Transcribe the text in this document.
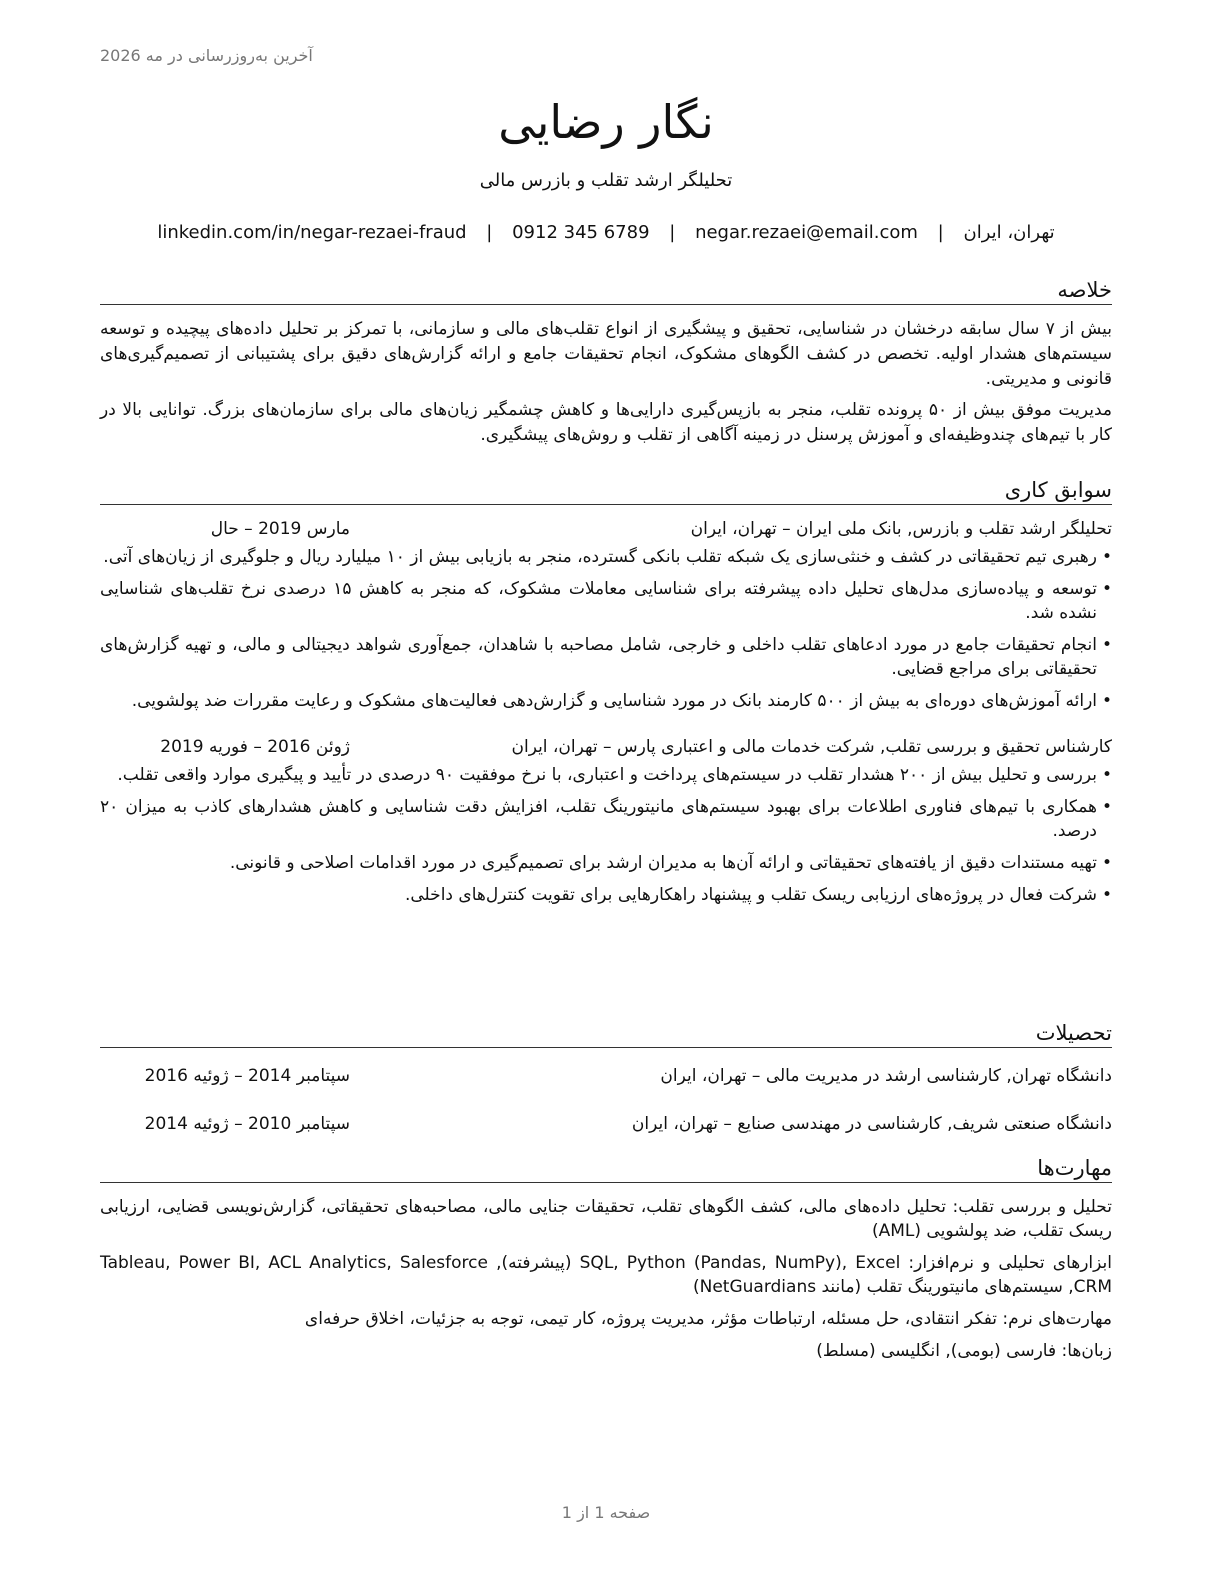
آخرین به‌روزرسانی در مه 2026
نگار رضایی
تحلیلگر ارشد تقلب و بازرس مالی
تهران، ایران | negar.rezaei@email.com | 0912 345 6789 | linkedin.com/in/negar-rezaei-fraud
خلاصه

بیش از ۷ سال سابقه درخشان در شناسایی، تحقیق و پیشگیری از انواع تقلب‌های مالی و سازمانی، با تمرکز بر تحلیل داده‌های پیچیده و توسعه سیستم‌های هشدار اولیه. تخصص در کشف الگوهای مشکوک، انجام تحقیقات جامع و ارائه گزارش‌های دقیق برای پشتیبانی از تصمیم‌گیری‌های قانونی و مدیریتی.

مدیریت موفق بیش از ۵۰ پرونده تقلب، منجر به بازپس‌گیری دارایی‌ها و کاهش چشمگیر زیان‌های مالی برای سازمان‌های بزرگ. توانایی بالا در کار با تیم‌های چندوظیفه‌ای و آموزش پرسنل در زمینه آگاهی از تقلب و روش‌های پیشگیری.

سوابق کاری
تحلیلگر ارشد تقلب و بازرس, بانک ملی ایران – تهران، ایران
مارس 2019 – حال
• رهبری تیم تحقیقاتی در کشف و خنثی‌سازی یک شبکه تقلب بانکی گسترده، منجر به بازیابی بیش از ۱۰ میلیارد ریال و جلوگیری از زیان‌های آتی.
• توسعه و پیاده‌سازی مدل‌های تحلیل داده پیشرفته برای شناسایی معاملات مشکوک، که منجر به کاهش ۱۵ درصدی نرخ تقلب‌های شناسایی نشده شد.
• انجام تحقیقات جامع در مورد ادعاهای تقلب داخلی و خارجی، شامل مصاحبه با شاهدان، جمع‌آوری شواهد دیجیتالی و مالی، و تهیه گزارش‌های تحقیقاتی برای مراجع قضایی.
• ارائه آموزش‌های دوره‌ای به بیش از ۵۰۰ کارمند بانک در مورد شناسایی و گزارش‌دهی فعالیت‌های مشکوک و رعایت مقررات ضد پولشویی.
کارشناس تحقیق و بررسی تقلب, شرکت خدمات مالی و اعتباری پارس – تهران، ایران
ژوئن 2016 – فوریه 2019
• بررسی و تحلیل بیش از ۲۰۰ هشدار تقلب در سیستم‌های پرداخت و اعتباری، با نرخ موفقیت ۹۰ درصدی در تأیید و پیگیری موارد واقعی تقلب.
• همکاری با تیم‌های فناوری اطلاعات برای بهبود سیستم‌های مانیتورینگ تقلب، افزایش دقت شناسایی و کاهش هشدارهای کاذب به میزان ۲۰ درصد.
• تهیه مستندات دقیق از یافته‌های تحقیقاتی و ارائه آن‌ها به مدیران ارشد برای تصمیم‌گیری در مورد اقدامات اصلاحی و قانونی.
• شرکت فعال در پروژه‌های ارزیابی ریسک تقلب و پیشنهاد راهکارهایی برای تقویت کنترل‌های داخلی.
تحصیلات
دانشگاه تهران, کارشناسی ارشد در مدیریت مالی – تهران، ایران
سپتامبر 2014 – ژوئیه 2016
دانشگاه صنعتی شریف, کارشناسی در مهندسی صنایع – تهران، ایران
سپتامبر 2010 – ژوئیه 2014
مهارت‌ها

تحلیل و بررسی تقلب: تحلیل داده‌های مالی، کشف الگوهای تقلب، تحقیقات جنایی مالی، مصاحبه‌های تحقیقاتی، گزارش‌نویسی قضایی، ارزیابی ریسک تقلب، ضد پولشویی (AML)

ابزارهای تحلیلی و نرم‌افزار: SQL, Python (Pandas, NumPy), Excel (پیشرفته), Tableau, Power BI, ACL Analytics, Salesforce CRM, سیستم‌های مانیتورینگ تقلب (مانند NetGuardians)

مهارت‌های نرم: تفکر انتقادی، حل مسئله، ارتباطات مؤثر، مدیریت پروژه، کار تیمی، توجه به جزئیات، اخلاق حرفه‌ای

زبان‌ها: فارسی (بومی), انگلیسی (مسلط)

صفحه 1 از 1
